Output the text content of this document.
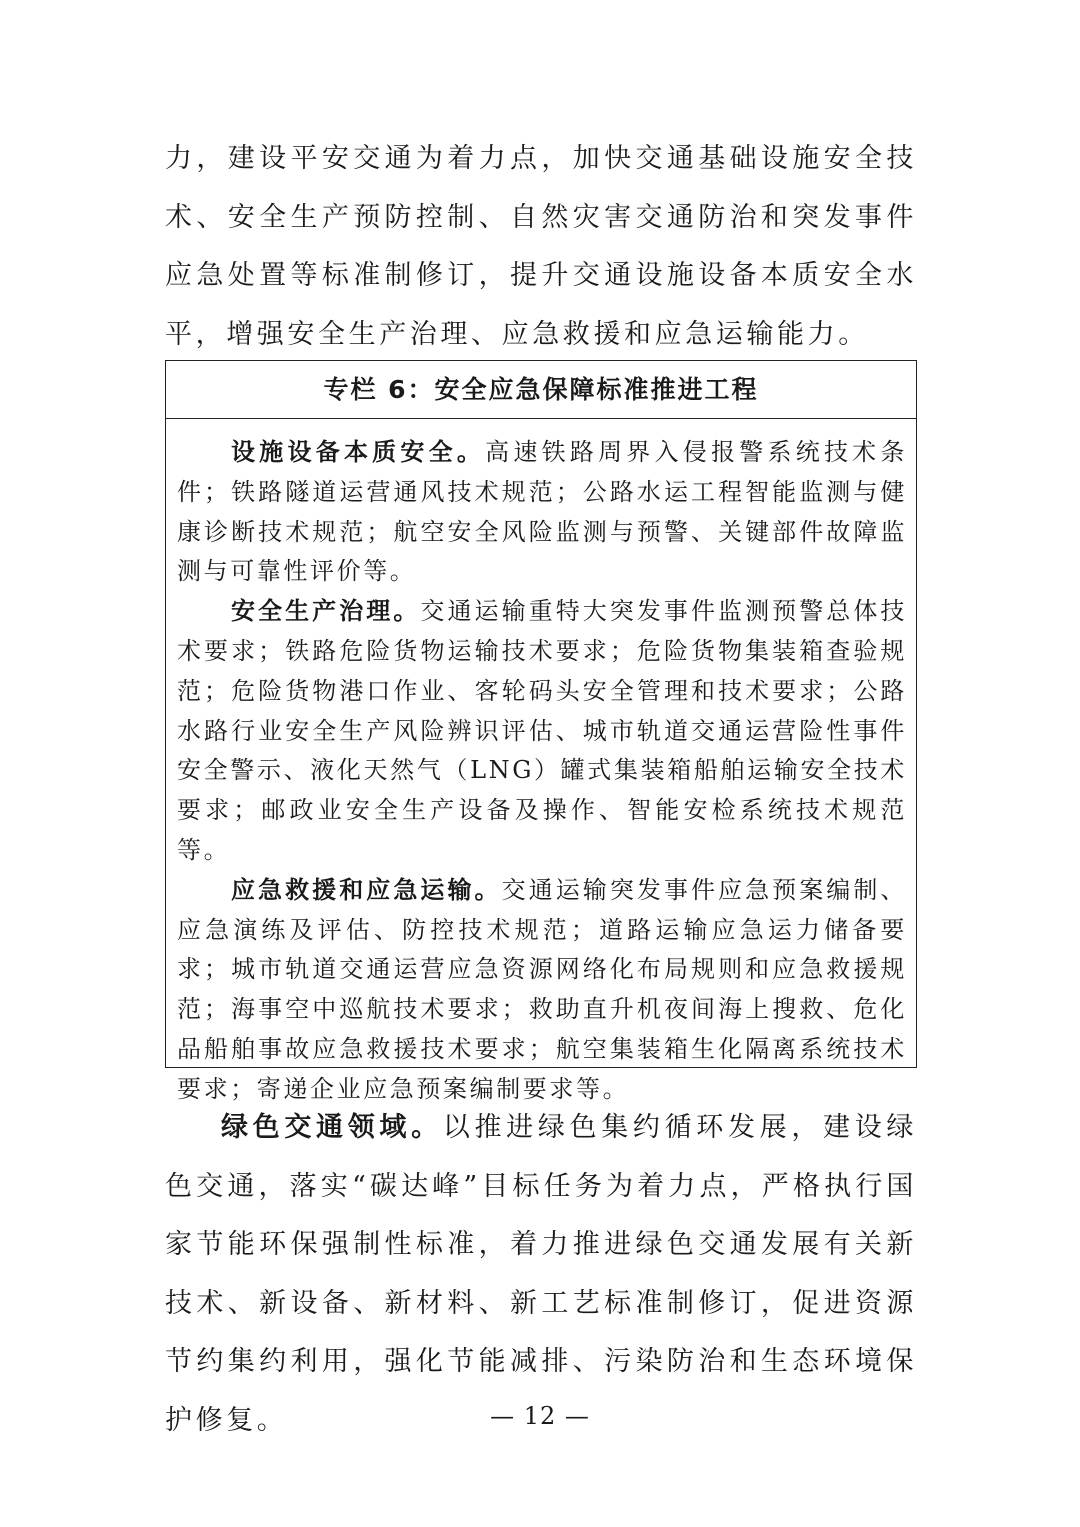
力，建设平安交通为着力点，加快交通基础设施安全技术、安全生产预防控制、自然灾害交通防治和突发事件应急处置等标准制修订，提升交通设施设备本质安全水平，增强安全生产治理、应急救援和应急运输能力。

专栏 6：安全应急保障标准推进工程

设施设备本质安全。高速铁路周界入侵报警系统技术条件；铁路隧道运营通风技术规范；公路水运工程智能监测与健康诊断技术规范；航空安全风险监测与预警、关键部件故障监测与可靠性评价等。

安全生产治理。交通运输重特大突发事件监测预警总体技术要求；铁路危险货物运输技术要求；危险货物集装箱查验规范；危险货物港口作业、客轮码头安全管理和技术要求；公路水路行业安全生产风险辨识评估、城市轨道交通运营险性事件安全警示、液化天然气（LNG）罐式集装箱船舶运输安全技术要求；邮政业安全生产设备及操作、智能安检系统技术规范等。

应急救援和应急运输。交通运输突发事件应急预案编制、应急演练及评估、防控技术规范；道路运输应急运力储备要求；城市轨道交通运营应急资源网络化布局规则和应急救援规范；海事空中巡航技术要求；救助直升机夜间海上搜救、危化品船舶事故应急救援技术要求；航空集装箱生化隔离系统技术要求；寄递企业应急预案编制要求等。

绿色交通领域。以推进绿色集约循环发展，建设绿色交通，落实“碳达峰”目标任务为着力点，严格执行国家节能环保强制性标准，着力推进绿色交通发展有关新技术、新设备、新材料、新工艺标准制修订，促进资源节约集约利用，强化节能减排、污染防治和生态环境保护修复。	— 12 —
